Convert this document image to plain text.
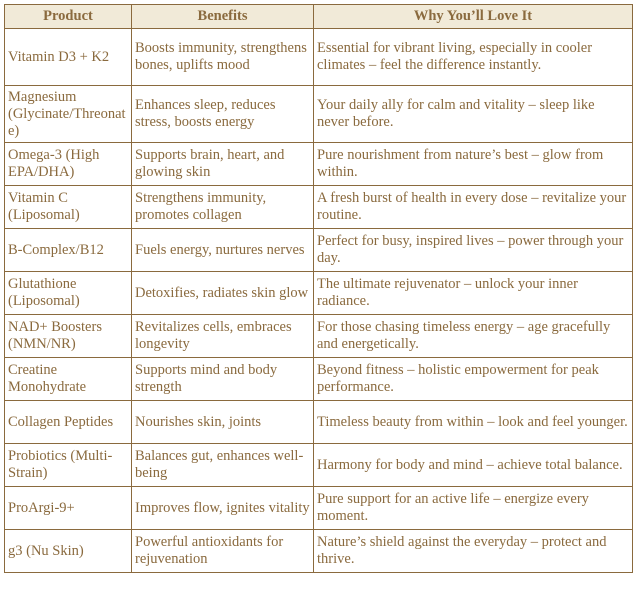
Product	Benefits	Why You’ll Love It
Vitamin D3 + K2	Boosts immunity, strengthens bones, uplifts mood	Essential for vibrant living, especially in cooler climates – feel the difference instantly.
Magnesium (Glycinate/Threonate)	Enhances sleep, reduces stress, boosts energy	Your daily ally for calm and vitality – sleep like never before.
Omega-3 (High EPA/DHA)	Supports brain, heart, and glowing skin	Pure nourishment from nature’s best – glow from within.
Vitamin C (Liposomal)	Strengthens immunity, promotes collagen	A fresh burst of health in every dose – revitalize your routine.
B-Complex/B12	Fuels energy, nurtures nerves	Perfect for busy, inspired lives – power through your day.
Glutathione (Liposomal)	Detoxifies, radiates skin glow	The ultimate rejuvenator – unlock your inner radiance.
NAD+ Boosters (NMN/NR)	Revitalizes cells, embraces longevity	For those chasing timeless energy – age gracefully and energetically.
Creatine Monohydrate	Supports mind and body strength	Beyond fitness – holistic empowerment for peak performance.
Collagen Peptides	Nourishes skin, joints	Timeless beauty from within – look and feel younger.
Probiotics (Multi-Strain)	Balances gut, enhances well-being	Harmony for body and mind – achieve total balance.
ProArgi-9+	Improves flow, ignites vitality	Pure support for an active life – energize every moment.
g3 (Nu Skin)	Powerful antioxidants for rejuvenation	Nature’s shield against the everyday – protect and thrive.
